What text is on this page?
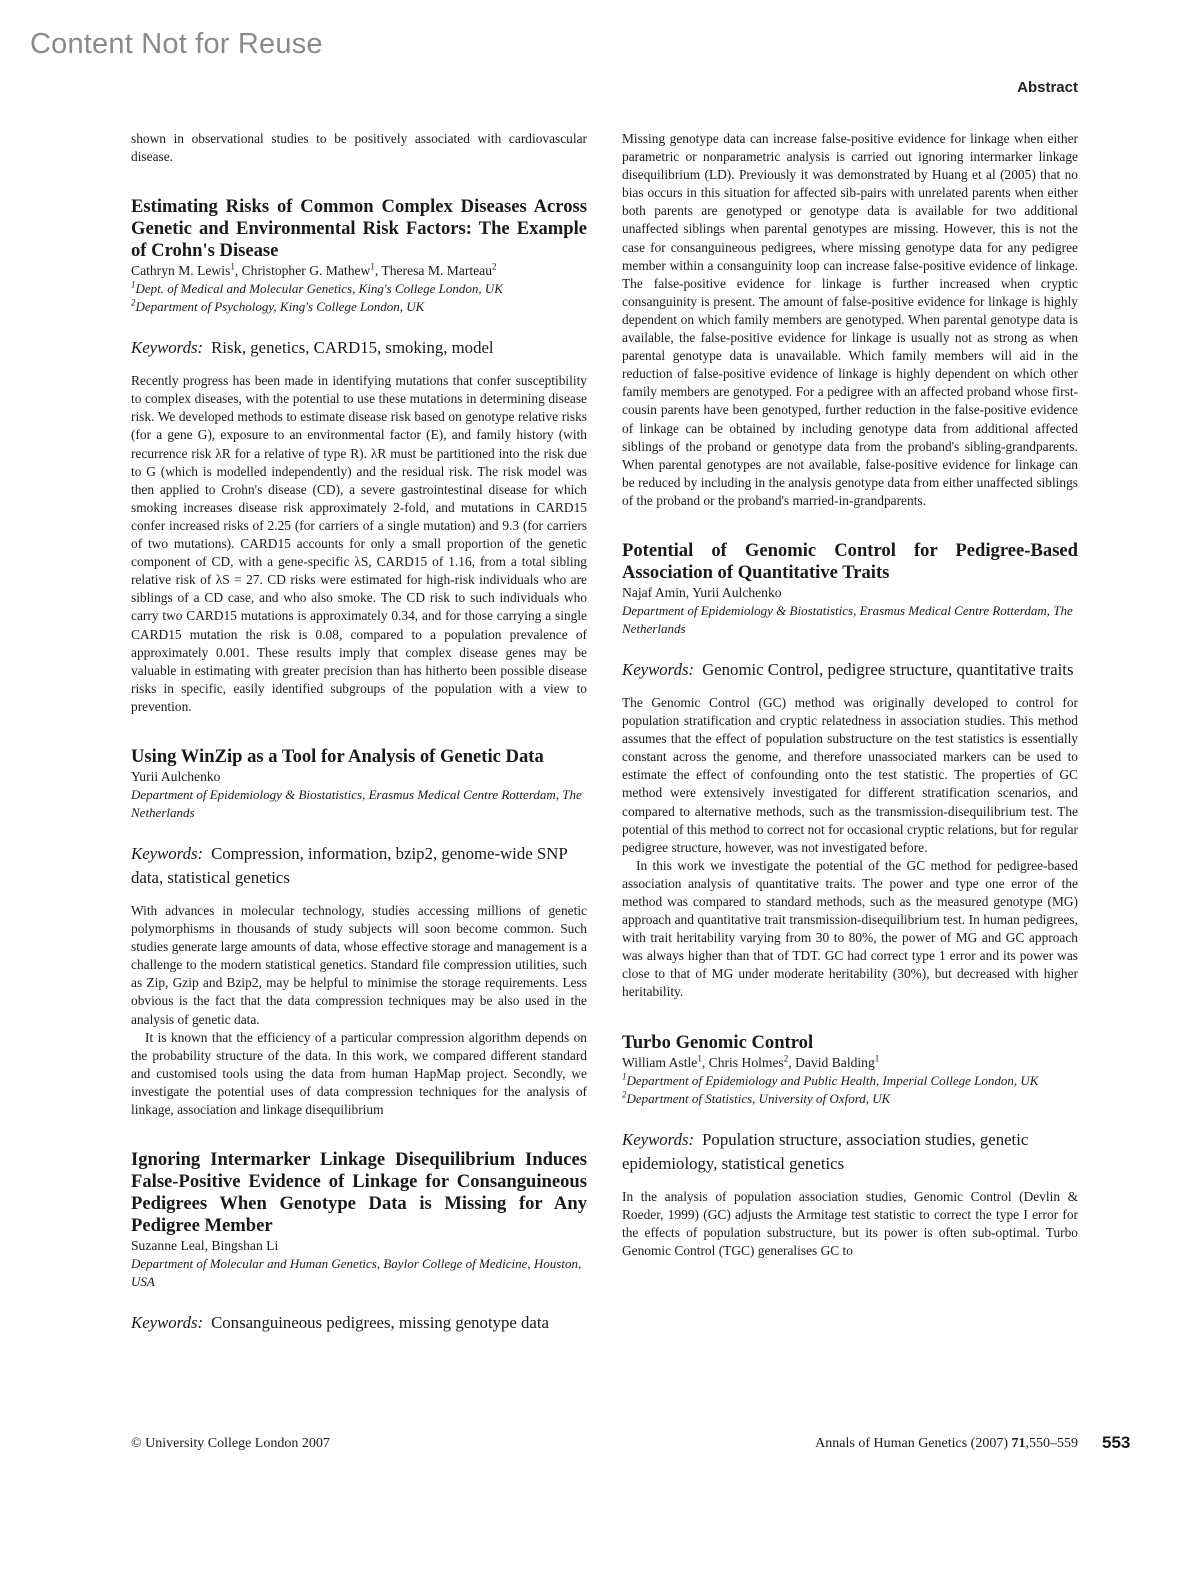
Content Not for Reuse
Abstract

shown in observational studies to be positively associated with cardiovascular disease.

Estimating Risks of Common Complex Diseases Across Genetic and Environmental Risk Factors: The Example of Crohn's Disease

Cathryn M. Lewis$^1$, Christopher G. Mathew$^1$, Theresa M. Marteau$^2$

$^1$Dept. of Medical and Molecular Genetics, King's College London, UK

$^2$Department of Psychology, King's College London, UK

Keywords: Risk, genetics, CARD15, smoking, model

Recently progress has been made in identifying mutations that confer susceptibility to complex diseases, with the potential to use these mutations in determining disease risk. We developed methods to estimate disease risk based on genotype relative risks (for a gene G), exposure to an environmental factor (E), and family history (with recurrence risk λR for a relative of type R). λR must be partitioned into the risk due to G (which is modelled independently) and the residual risk. The risk model was then applied to Crohn's disease (CD), a severe gastrointestinal disease for which smoking increases disease risk approximately 2-fold, and mutations in CARD15 confer increased risks of 2.25 (for carriers of a single mutation) and 9.3 (for carriers of two mutations). CARD15 accounts for only a small proportion of the genetic component of CD, with a gene-specific λS, CARD15 of 1.16, from a total sibling relative risk of λS = 27. CD risks were estimated for high-risk individuals who are siblings of a CD case, and who also smoke. The CD risk to such individuals who carry two CARD15 mutations is approximately 0.34, and for those carrying a single CARD15 mutation the risk is 0.08, compared to a population prevalence of approximately 0.001. These results imply that complex disease genes may be valuable in estimating with greater precision than has hitherto been possible disease risks in specific, easily identified subgroups of the population with a view to prevention.

Using WinZip as a Tool for Analysis of Genetic Data

Yurii Aulchenko

Department of Epidemiology & Biostatistics, Erasmus Medical Centre Rotterdam, The Netherlands

Keywords: Compression, information, bzip2, genome-wide SNP data, statistical genetics

With advances in molecular technology, studies accessing millions of genetic polymorphisms in thousands of study subjects will soon become common. Such studies generate large amounts of data, whose effective storage and management is a challenge to the modern statistical genetics. Standard file compression utilities, such as Zip, Gzip and Bzip2, may be helpful to minimise the storage requirements. Less obvious is the fact that the data compression techniques may be also used in the analysis of genetic data.

It is known that the efficiency of a particular compression algorithm depends on the probability structure of the data. In this work, we compared different standard and customised tools using the data from human HapMap project. Secondly, we investigate the potential uses of data compression techniques for the analysis of linkage, association and linkage disequilibrium

Ignoring Intermarker Linkage Disequilibrium Induces False-Positive Evidence of Linkage for Consanguineous Pedigrees When Genotype Data is Missing for Any Pedigree Member

Suzanne Leal, Bingshan Li

Department of Molecular and Human Genetics, Baylor College of Medicine, Houston, USA

Keywords: Consanguineous pedigrees, missing genotype data

Missing genotype data can increase false-positive evidence for linkage when either parametric or nonparametric analysis is carried out ignoring intermarker linkage disequilibrium (LD). Previously it was demonstrated by Huang et al (2005) that no bias occurs in this situation for affected sib-pairs with unrelated parents when either both parents are genotyped or genotype data is available for two additional unaffected siblings when parental genotypes are missing. However, this is not the case for consanguineous pedigrees, where missing genotype data for any pedigree member within a consanguinity loop can increase false-positive evidence of linkage. The false-positive evidence for linkage is further increased when cryptic consanguinity is present. The amount of false-positive evidence for linkage is highly dependent on which family members are genotyped. When parental genotype data is available, the false-positive evidence for linkage is usually not as strong as when parental genotype data is unavailable. Which family members will aid in the reduction of false-positive evidence of linkage is highly dependent on which other family members are genotyped. For a pedigree with an affected proband whose first-cousin parents have been genotyped, further reduction in the false-positive evidence of linkage can be obtained by including genotype data from additional affected siblings of the proband or genotype data from the proband's sibling-grandparents. When parental genotypes are not available, false-positive evidence for linkage can be reduced by including in the analysis genotype data from either unaffected siblings of the proband or the proband's married-in-grandparents.

Potential of Genomic Control for Pedigree-Based Association of Quantitative Traits

Najaf Amin, Yurii Aulchenko

Department of Epidemiology & Biostatistics, Erasmus Medical Centre Rotterdam, The Netherlands

Keywords: Genomic Control, pedigree structure, quantitative traits

The Genomic Control (GC) method was originally developed to control for population stratification and cryptic relatedness in association studies. This method assumes that the effect of population substructure on the test statistics is essentially constant across the genome, and therefore unassociated markers can be used to estimate the effect of confounding onto the test statistic. The properties of GC method were extensively investigated for different stratification scenarios, and compared to alternative methods, such as the transmission-disequilibrium test. The potential of this method to correct not for occasional cryptic relations, but for regular pedigree structure, however, was not investigated before.

In this work we investigate the potential of the GC method for pedigree-based association analysis of quantitative traits. The power and type one error of the method was compared to standard methods, such as the measured genotype (MG) approach and quantitative trait transmission-disequilibrium test. In human pedigrees, with trait heritability varying from 30 to 80%, the power of MG and GC approach was always higher than that of TDT. GC had correct type 1 error and its power was close to that of MG under moderate heritability (30%), but decreased with higher heritability.

Turbo Genomic Control

William Astle$^1$, Chris Holmes$^2$, David Balding$^1$

$^1$Department of Epidemiology and Public Health, Imperial College London, UK

$^2$Department of Statistics, University of Oxford, UK

Keywords: Population structure, association studies, genetic epidemiology, statistical genetics

In the analysis of population association studies, Genomic Control (Devlin & Roeder, 1999) (GC) adjusts the Armitage test statistic to correct the type I error for the effects of population substructure, but its power is often sub-optimal. Turbo Genomic Control (TGC) generalises GC to

© University College London 2007	Annals of Human Genetics (2007) 71,550–559 553
